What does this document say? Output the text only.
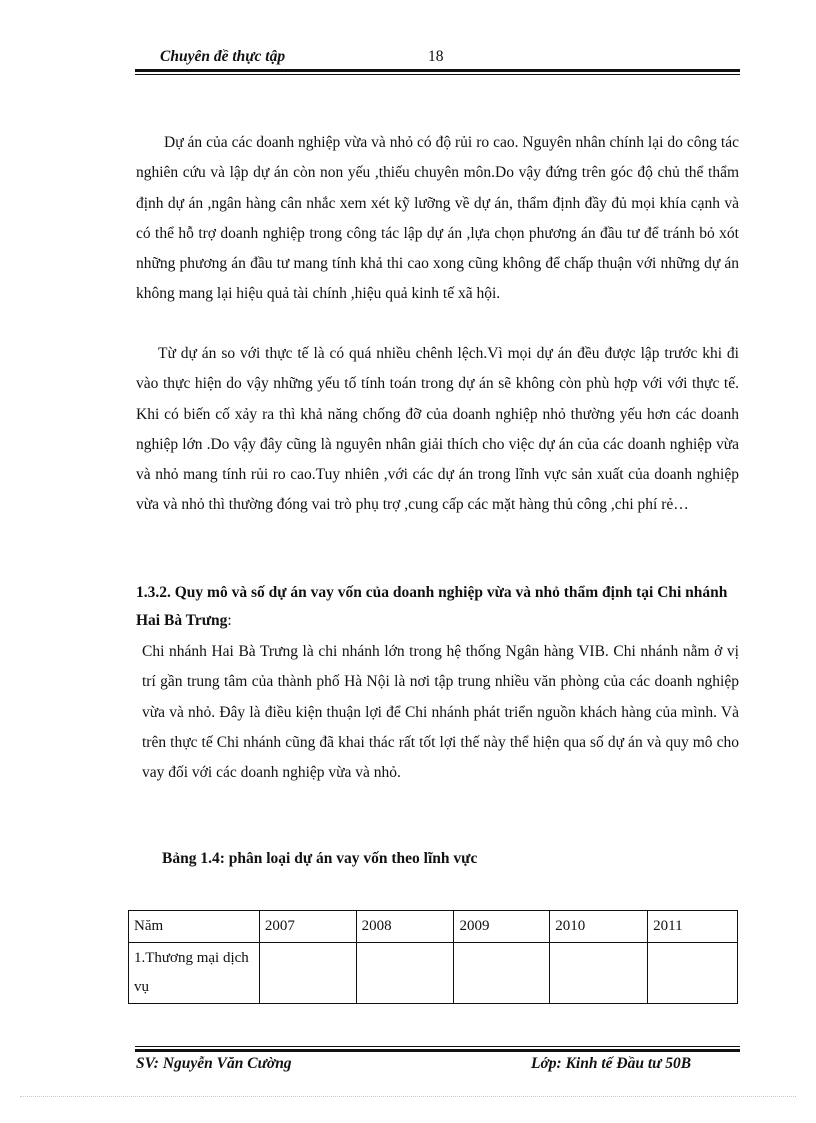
Chuyên đề thực tập	18
Dự án của các doanh nghiệp vừa và nhỏ có độ rủi ro cao. Nguyên nhân chính lại do công tác nghiên cứu và lập dự án còn non yếu ,thiếu chuyên môn.Do vậy đứng trên góc độ chủ thể thẩm định dự án ,ngân hàng cân nhắc xem xét kỹ lưỡng về dự án, thẩm định đầy đủ mọi khía cạnh và có thể hỗ trợ doanh nghiệp trong công tác lập dự án ,lựa chọn phương án đầu tư để tránh bỏ xót những phương án đầu tư mang tính khả thi cao xong cũng không để chấp thuận với những dự án không mang lại hiệu quả tài chính ,hiệu quả kinh tế xã hội.
Từ dự án so với thực tế là có quá nhiều chênh lệch.Vì mọi dự án đều được lập trước khi đi vào thực hiện do vậy những yếu tố tính toán trong dự án sẽ không còn phù hợp với với thực tế. Khi có biến cố xảy ra thì khả năng chống đỡ của doanh nghiệp nhỏ thường yếu hơn các doanh nghiệp lớn .Do vậy đây cũng là nguyên nhân giải thích cho việc dự án của các doanh nghiệp vừa và nhỏ mang tính rủi ro cao.Tuy nhiên ,với các dự án trong lĩnh vực sản xuất của doanh nghiệp vừa và nhỏ thì thường đóng vai trò phụ trợ ,cung cấp các mặt hàng thủ công ,chi phí rẻ…
1.3.2. Quy mô và số dự án vay vốn của doanh nghiệp vừa và nhỏ thẩm định tại Chi nhánh Hai Bà Trưng:
Chi nhánh Hai Bà Trưng là chi nhánh lớn trong hệ thống Ngân hàng VIB. Chi nhánh nằm ở vị trí gần trung tâm của thành phố Hà Nội là nơi tập trung nhiều văn phòng của các doanh nghiệp vừa và nhỏ. Đây là điều kiện thuận lợi để Chi nhánh phát triển nguồn khách hàng của mình. Và trên thực tế Chi nhánh cũng đã khai thác rất tốt lợi thế này thể hiện qua số dự án và quy mô cho vay đối với các doanh nghiệp vừa và nhỏ.
Bảng 1.4: phân loại dự án vay vốn theo lĩnh vực
Năm	2007	2008	2009	2010	2011
1.Thương mại dịch vụ					
SV: Nguyễn Văn Cường	Lớp: Kinh tế Đầu tư 50B
